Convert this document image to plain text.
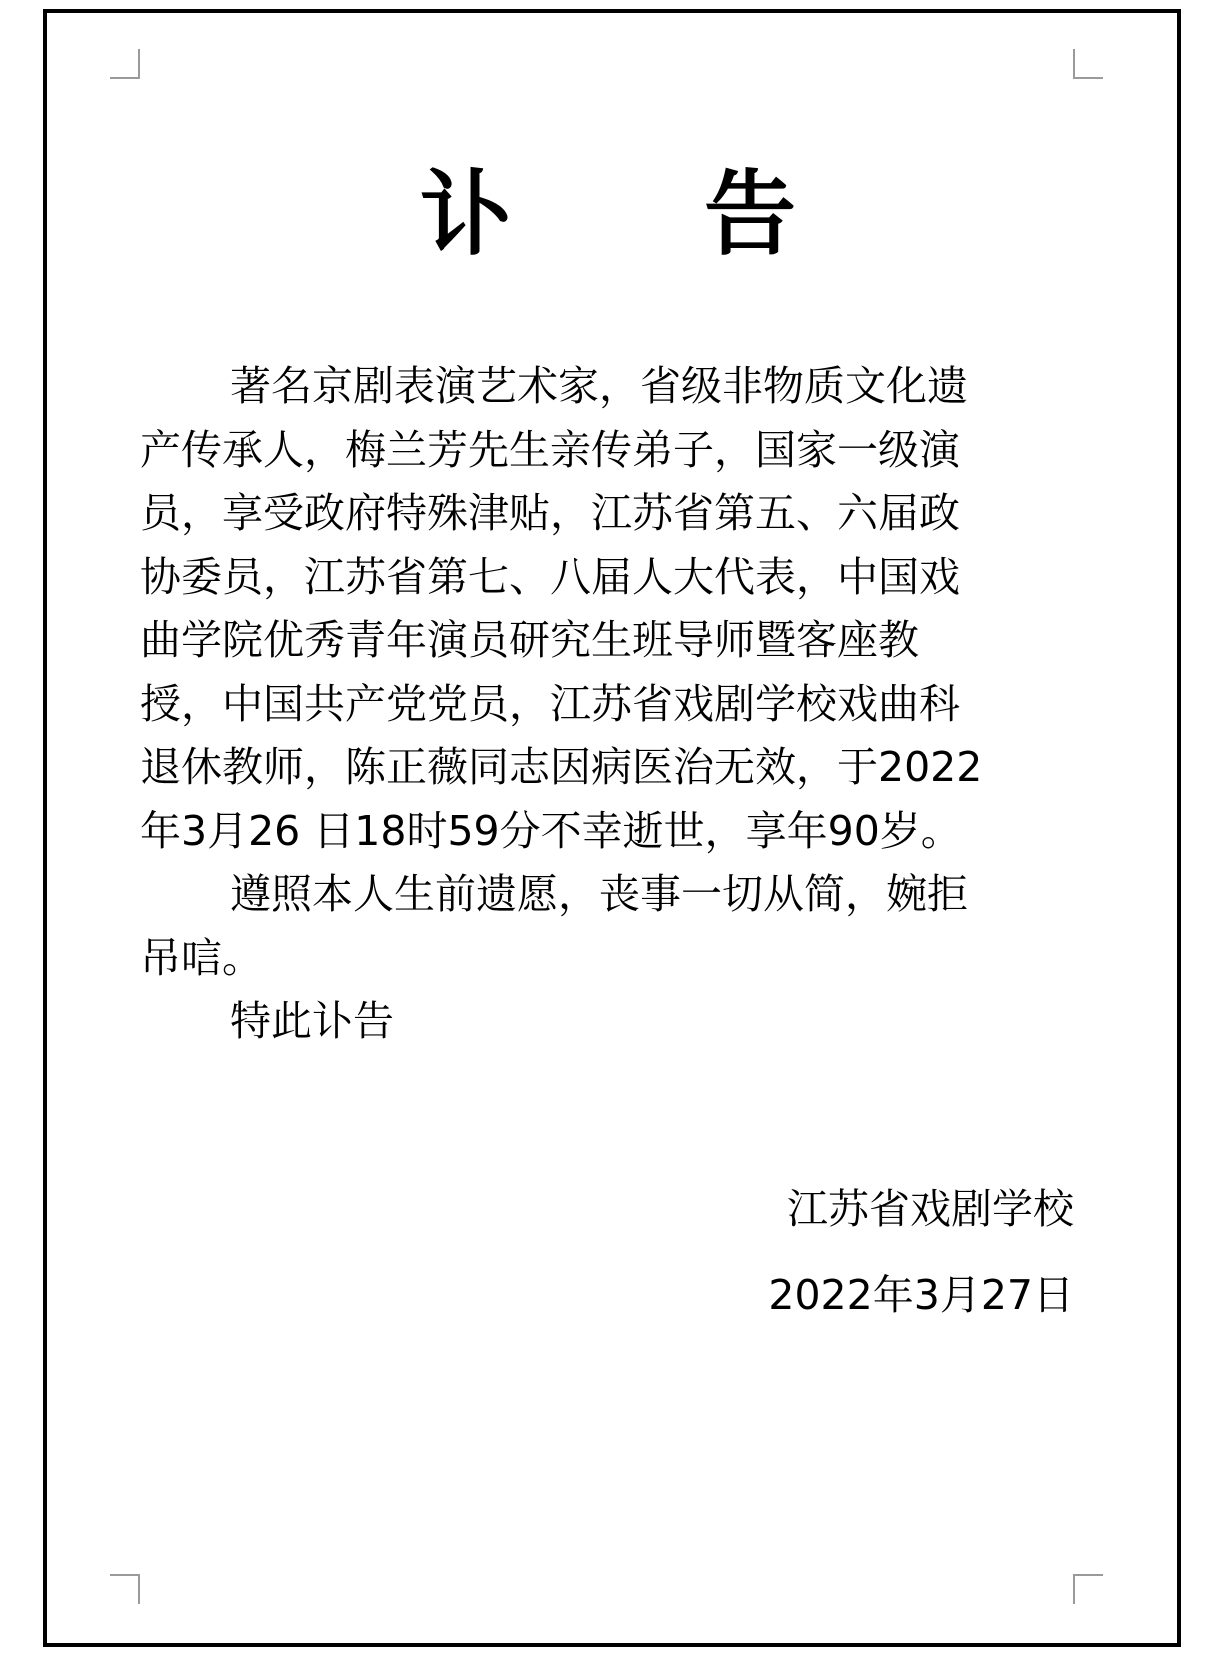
讣 告
著名京剧表演艺术家，省级非物质文化遗
产传承人，梅兰芳先生亲传弟子，国家一级演
员，享受政府特殊津贴，江苏省第五、六届政
协委员，江苏省第七、八届人大代表，中国戏
曲学院优秀青年演员研究生班导师暨客座教
授，中国共产党党员，江苏省戏剧学校戏曲科
退休教师，陈正薇同志因病医治无效，于2022
年3月26 日18时59分不幸逝世，享年90岁。
遵照本人生前遗愿，丧事一切从简，婉拒
吊唁。
特此讣告
江苏省戏剧学校
2022年3月27日
